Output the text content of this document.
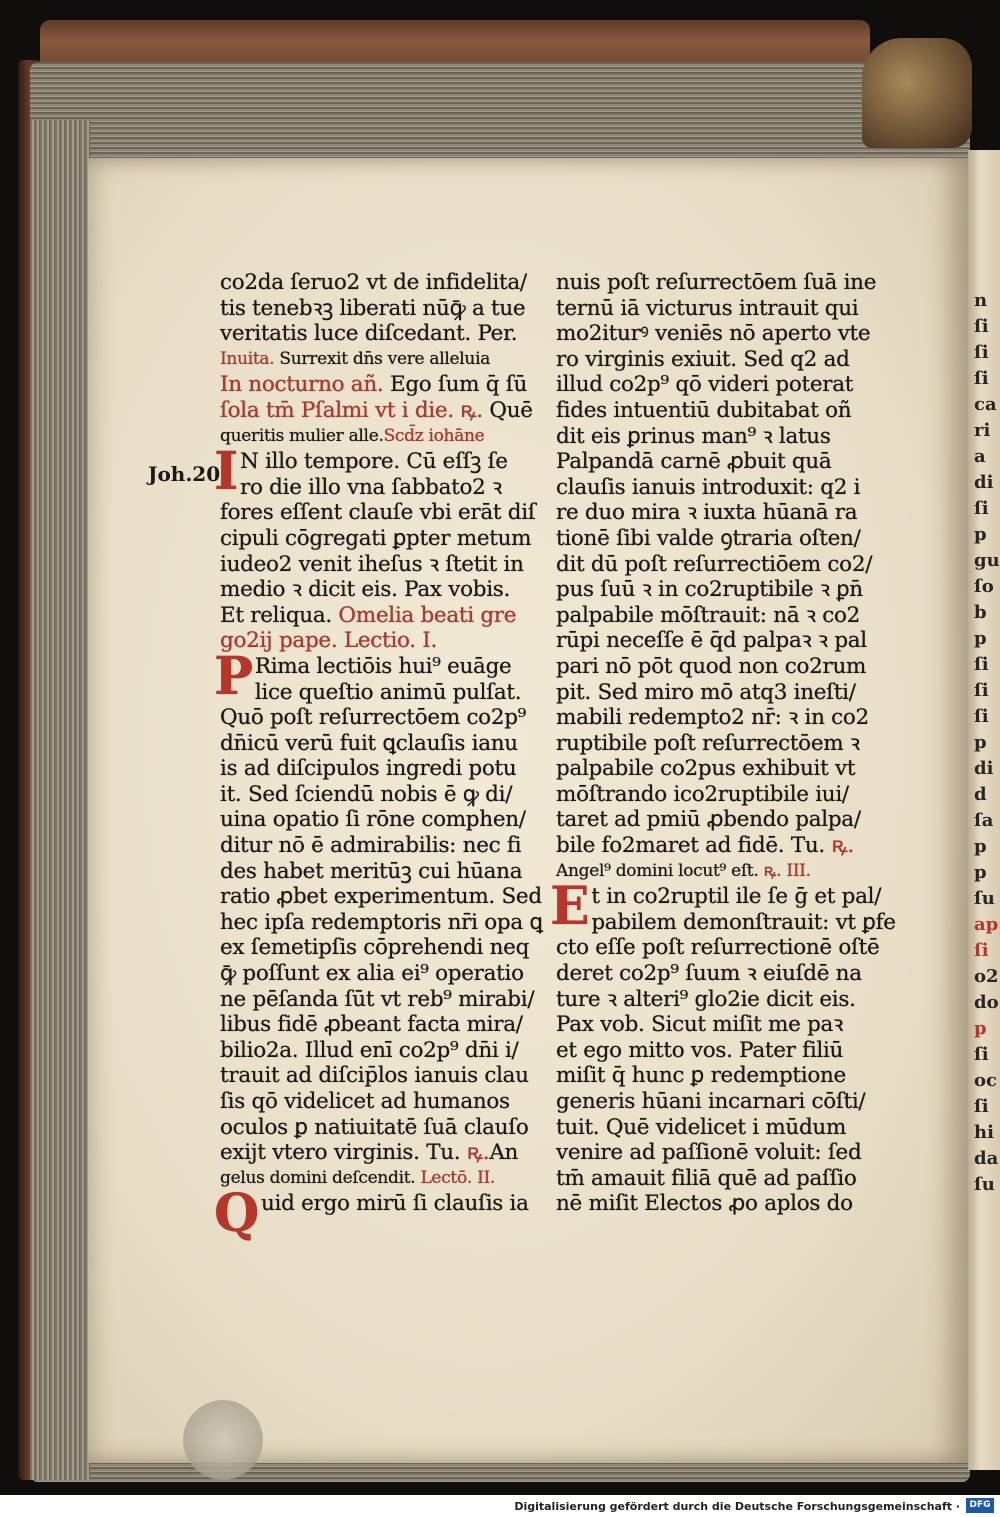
n
ſi
ſi
ſi
ca
ri
a
di
ſi
p
gu
ſo
b
p
ſi
ſi
ſi
p
di
d
ſa
p
p
ſu
ap
ſi
o2
do
p
ſi
oc
ſi
hi
da
ſu
Joh.20
co2da ſeruo2 vt de infidelita/
tis tenebꝛꝫ liberati nūꝙ̄ a tue
veritatis luce diſcedant. Per.
Inuita. Surrexit dn̄s vere alleluia
In nocturno añ. Ego ſum q̄ ſū
ſola tm̄ Pſalmi vt i die. ꝶ. Quē
queritis mulier alle.Scd̄z iohāne
I N illo tempore. Cū eſſꝫ ſe
ro die illo vna ſabbato2 ꝛ
fores eſſent clauſe vbi erāt diſ
cipuli cōgregati ꝑpter metum
iudeo2 venit iheſus ꝛ ſtetit in
medio ꝛ dicit eis. Pax vobis.
Et reliqua. Omelia beati gre
go2ij pape. Lectio. I.
P Rima lectiōis hui⁹ euāge
lice queſtio animū pulſat.
Quō poſt reſurrectōem co2p⁹
dn̄icū verū fuit ꝗclauſis ianu
is ad diſcipulos ingredi potu
it. Sed ſciendū nobis ē ꝙ di/
uina opatio ſi rōne comphen/
ditur nō ē admirabilis: nec fi
des habet meritūꝫ cui hūana
ratio ꝓbet experimentum. Sed
hec ipſa redemptoris nr̄i opa ꝗ
ex ſemetipſis cōprehendi neq
ꝙ̄ poſſunt ex alia ei⁹ operatio
ne pēſanda ſūt vt reb⁹ mirabi/
libus fidē ꝓbeant facta mira/
bilio2a. Illud enī co2p⁹ dn̄i i/
trauit ad diſcip̄los ianuis clau
ſis qō videlicet ad humanos
oculos ꝑ natiuitatē ſuā clauſo
exijt vtero virginis. Tu. ꝶ.An
gelus domini deſcendit. Lectō. II.
Quid ergo mirū ſi clauſis ia
nuis poſt reſurrectōem ſuā ine
ternū iā victurus intrauit qui
mo2iturꝰ veniēs nō aperto vte
ro virginis exiuit. Sed q2 ad
illud co2p⁹ qō videri poterat
fides intuentiū dubitabat oñ
dit eis ꝑrinus man⁹ ꝛ latus
Palpandā carnē ꝓbuit quā
clauſis ianuis introduxit: q2 i
re duo mira ꝛ iuxta hūanā ra
tionē ſibi valde ꝯtraria oſten/
dit dū poſt reſurrectiōem co2/
pus ſuū ꝛ in co2ruptibile ꝛ ꝑn̄
palpabile mōſtrauit: nā ꝛ co2
rūpi neceſſe ē q̄d palpaꝛ ꝛ pal
pari nō pōt quod non co2rum
pit. Sed miro mō atq3 ineſti/
mabili redempto2 nr̄: ꝛ in co2
ruptibile poſt reſurrectōem ꝛ
palpabile co2pus exhibuit vt
mōſtrando ico2ruptibile iui/
taret ad pmiū ꝓbendo palpa/
bile fo2maret ad fidē. Tu. ꝶ.
Angel⁹ domini locut⁹ eſt. ꝶ. III.
Et in co2ruptil ile ſe ḡ et pal/
pabilem demonſtrauit: vt ꝑfe
cto eſſe poſt reſurrectionē oſtē
deret co2p⁹ ſuum ꝛ eiuſdē na
ture ꝛ alteri⁹ glo2ie dicit eis.
Pax vob. Sicut miſit me paꝛ
et ego mitto vos. Pater filiū
miſit q̄ hunc ꝑ redemptione
generis hūani incarnari cōſti/
tuit. Quē videlicet i mūdum
venire ad paſſionē voluit: ſed
tm̄ amauit filiā quē ad paſſio
nē miſit Electos ꝓo aplos do
Digitalisierung gefördert durch die Deutsche Forschungsgemeinschaft ·	DFG
